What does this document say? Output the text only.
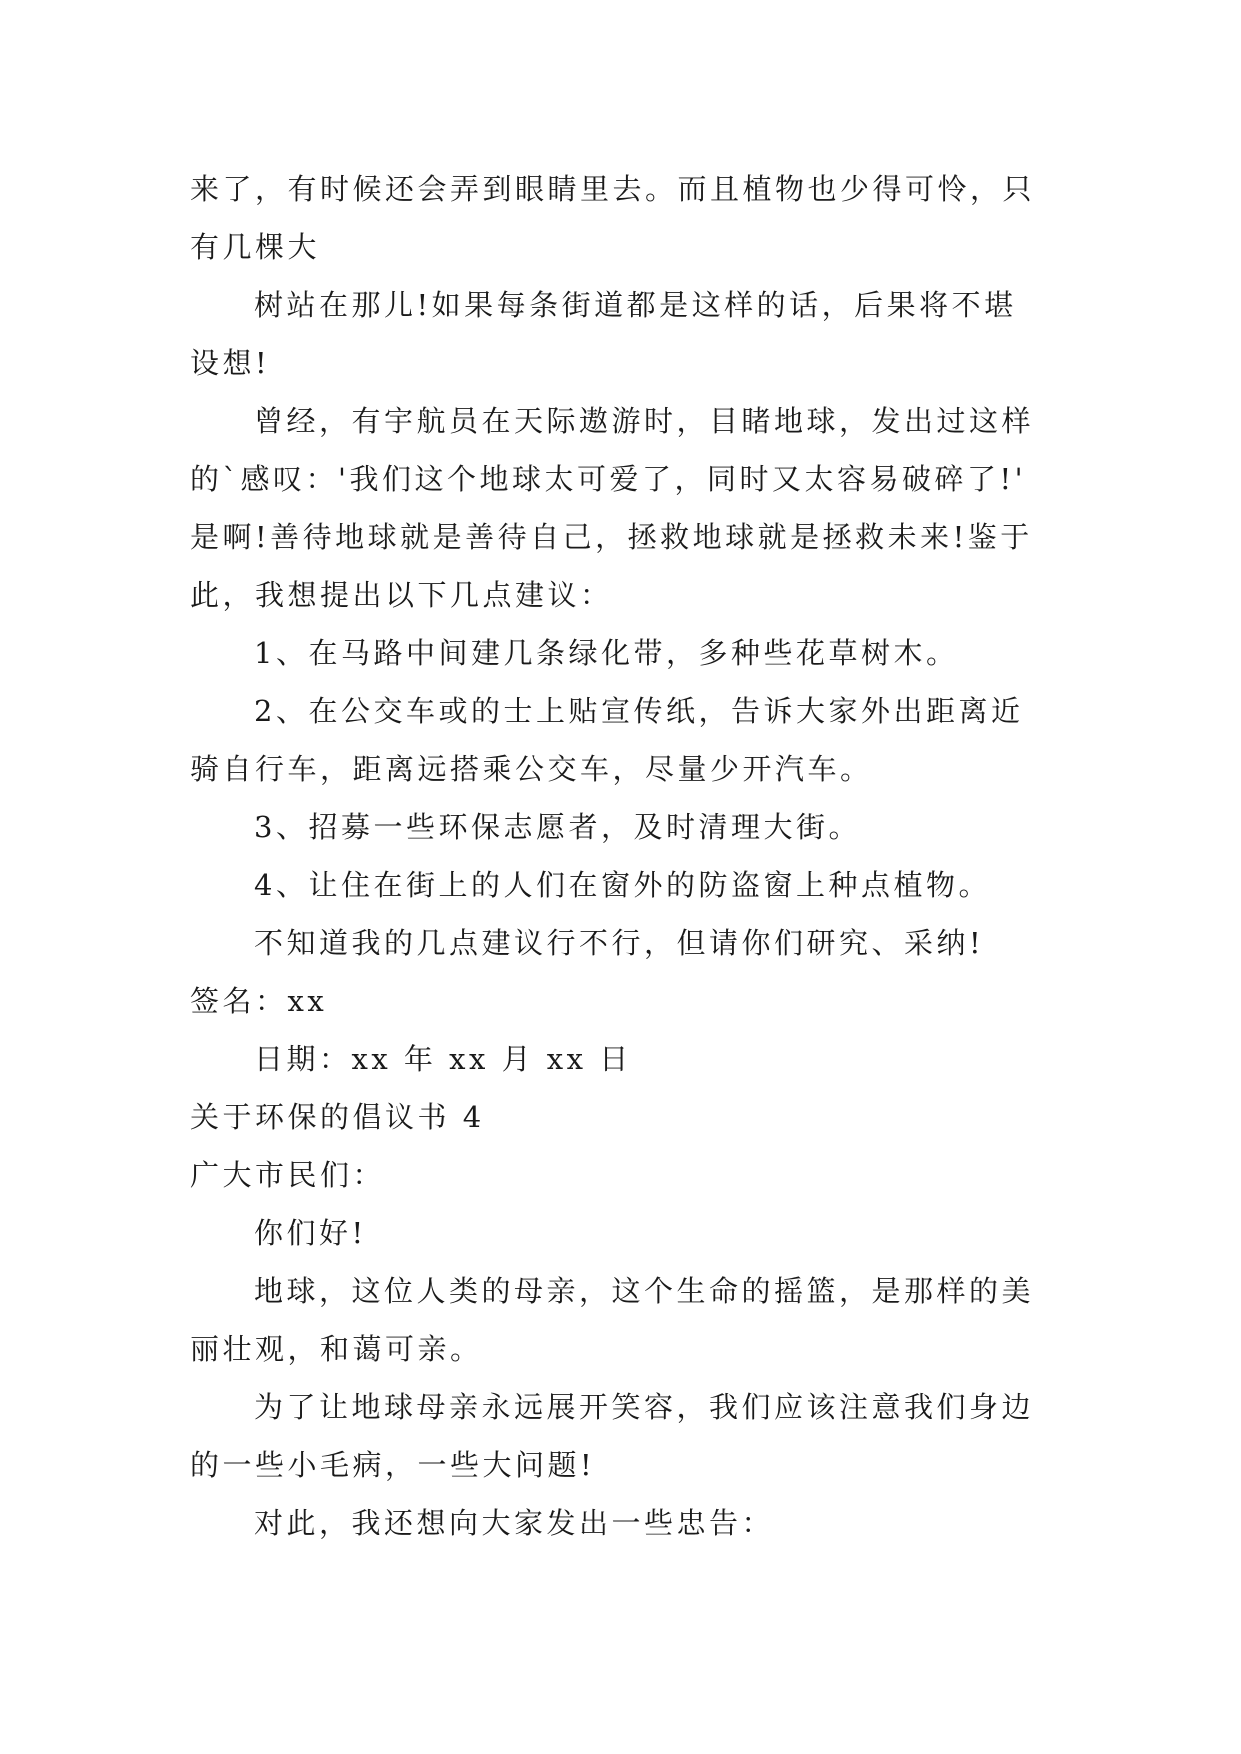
来了，有时候还会弄到眼睛里去。而且植物也少得可怜，只
有几棵大
树站在那儿!如果每条街道都是这样的话，后果将不堪
设想!
曾经，有宇航员在天际遨游时，目睹地球，发出过这样
的`感叹：'我们这个地球太可爱了，同时又太容易破碎了!'
是啊!善待地球就是善待自己，拯救地球就是拯救未来!鉴于
此，我想提出以下几点建议：
1、在马路中间建几条绿化带，多种些花草树木。
2、在公交车或的士上贴宣传纸，告诉大家外出距离近
骑自行车，距离远搭乘公交车，尽量少开汽车。
3、招募一些环保志愿者，及时清理大街。
4、让住在街上的人们在窗外的防盗窗上种点植物。
不知道我的几点建议行不行，但请你们研究、采纳!
签名：xx
日期：xx 年 xx 月 xx 日
关于环保的倡议书 4
广大市民们：
你们好!
地球，这位人类的母亲，这个生命的摇篮，是那样的美
丽壮观，和蔼可亲。
为了让地球母亲永远展开笑容，我们应该注意我们身边
的一些小毛病，一些大问题!
对此，我还想向大家发出一些忠告：
